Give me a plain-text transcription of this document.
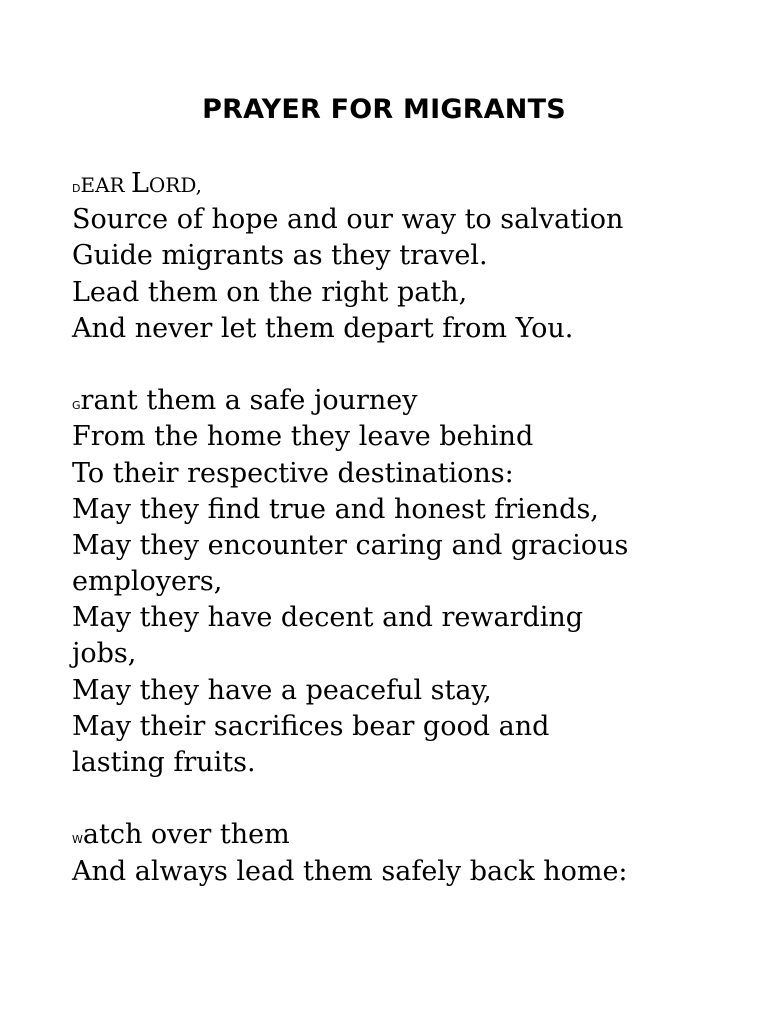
PRAYER FOR MIGRANTS
DEAR LORD,
Source of hope and our way to salvation
Guide migrants as they travel.
Lead them on the right path,
And never let them depart from You.
Grant them a safe journey
From the home they leave behind
To their respective destinations:
May they find true and honest friends,
May they encounter caring and gracious
employers,
May they have decent and rewarding
jobs,
May they have a peaceful stay,
May their sacrifices bear good and
lasting fruits.
Watch over them
And always lead them safely back home:
